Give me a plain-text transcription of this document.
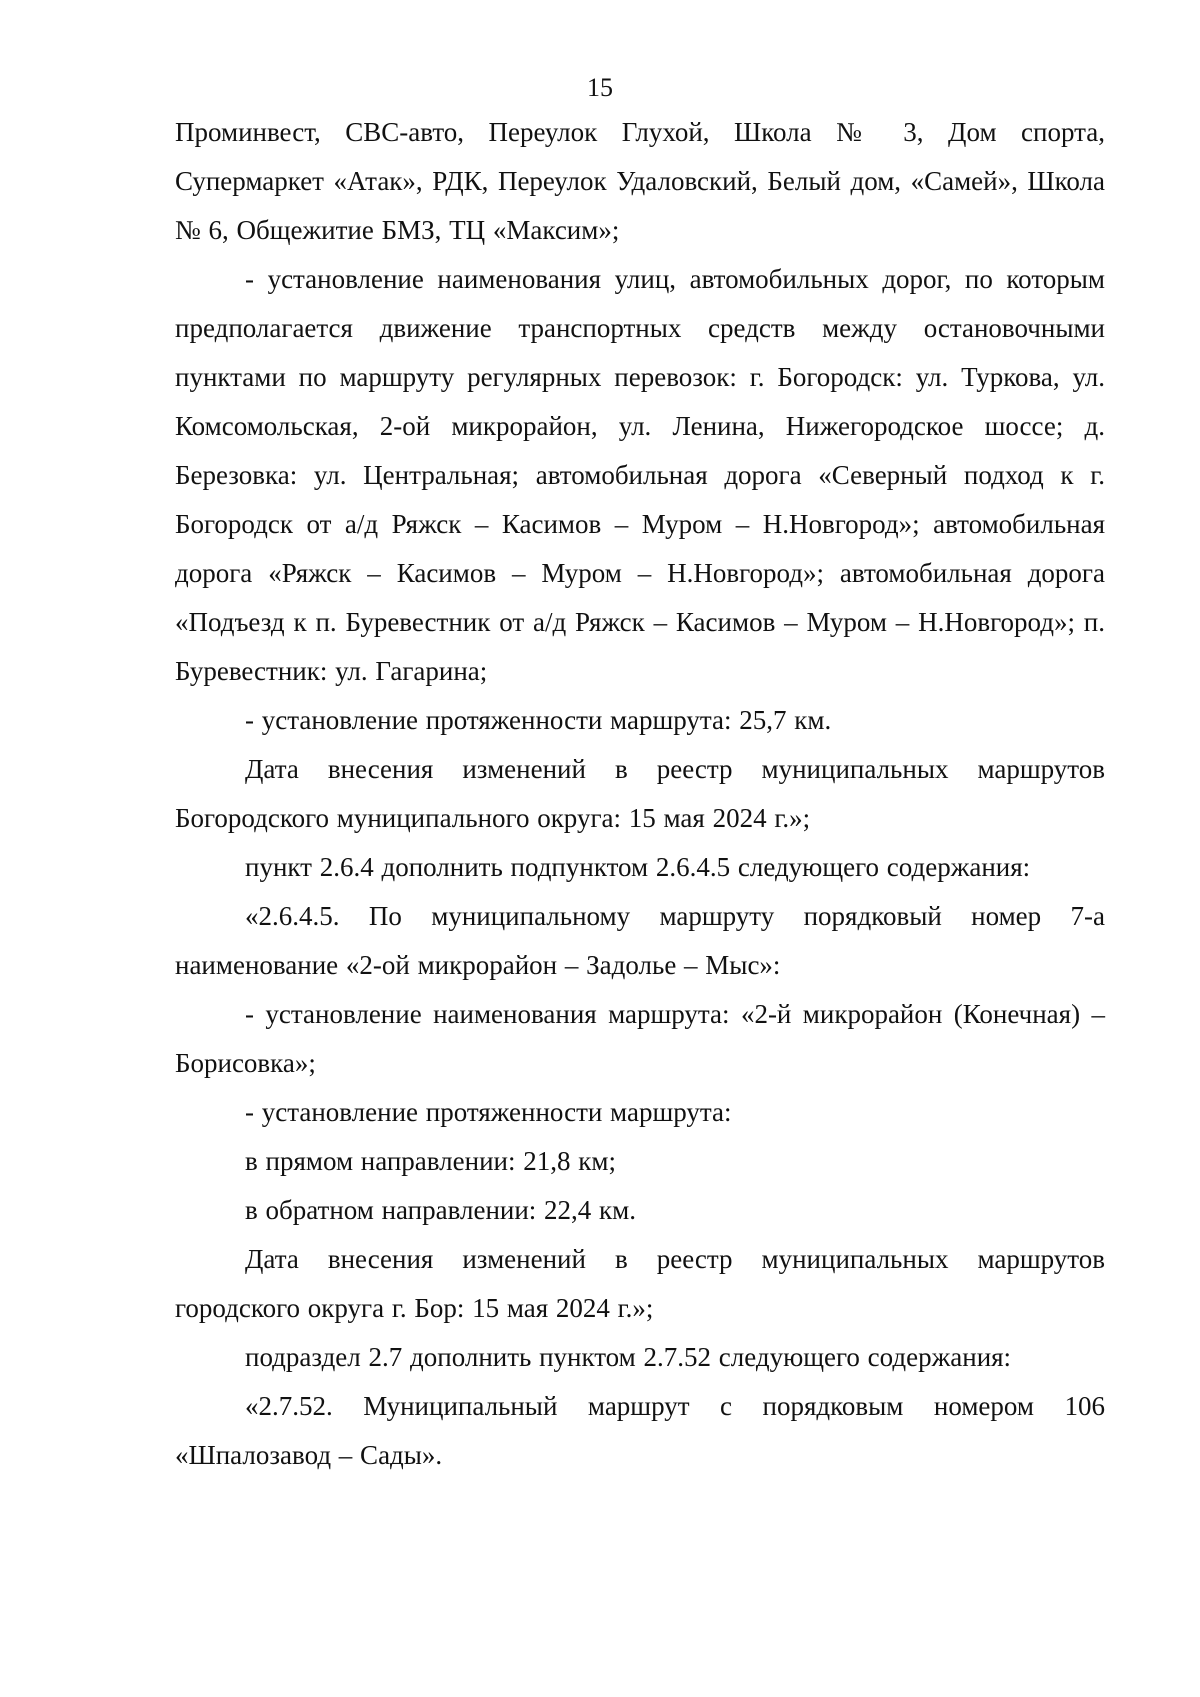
15

Проминвест, СВС-авто, Переулок Глухой, Школа № 3, Дом спорта, Супермаркет «Атак», РДК, Переулок Удаловский, Белый дом, «Самей», Школа № 6, Общежитие БМЗ, ТЦ «Максим»;

- установление наименования улиц, автомобильных дорог, по которым предполагается движение транспортных средств между остановочными пунктами по маршруту регулярных перевозок: г. Богородск: ул. Туркова, ул. Комсомольская, 2-ой микрорайон, ул. Ленина, Нижегородское шоссе; д. Березовка: ул. Центральная; автомобильная дорога «Северный подход к г. Богородск от а/д Ряжск – Касимов – Муром – Н.Новгород»; автомобильная дорога «Ряжск – Касимов – Муром – Н.Новгород»; автомобильная дорога «Подъезд к п. Буревестник от а/д Ряжск – Касимов – Муром – Н.Новгород»; п. Буревестник: ул. Гагарина;

- установление протяженности маршрута: 25,7 км.

Дата внесения изменений в реестр муниципальных маршрутов Богородского муниципального округа: 15 мая 2024 г.»;

пункт 2.6.4 дополнить подпунктом 2.6.4.5 следующего содержания:

«2.6.4.5. По муниципальному маршруту порядковый номер 7-а наименование «2-ой микрорайон – Задолье – Мыс»:

- установление наименования маршрута: «2-й микрорайон (Конечная) – Борисовка»;

- установление протяженности маршрута:

в прямом направлении: 21,8 км;

в обратном направлении: 22,4 км.

Дата внесения изменений в реестр муниципальных маршрутов городского округа г. Бор: 15 мая 2024 г.»;

подраздел 2.7 дополнить пунктом 2.7.52 следующего содержания:

«2.7.52. Муниципальный маршрут с порядковым номером 106 «Шпалозавод – Сады».
